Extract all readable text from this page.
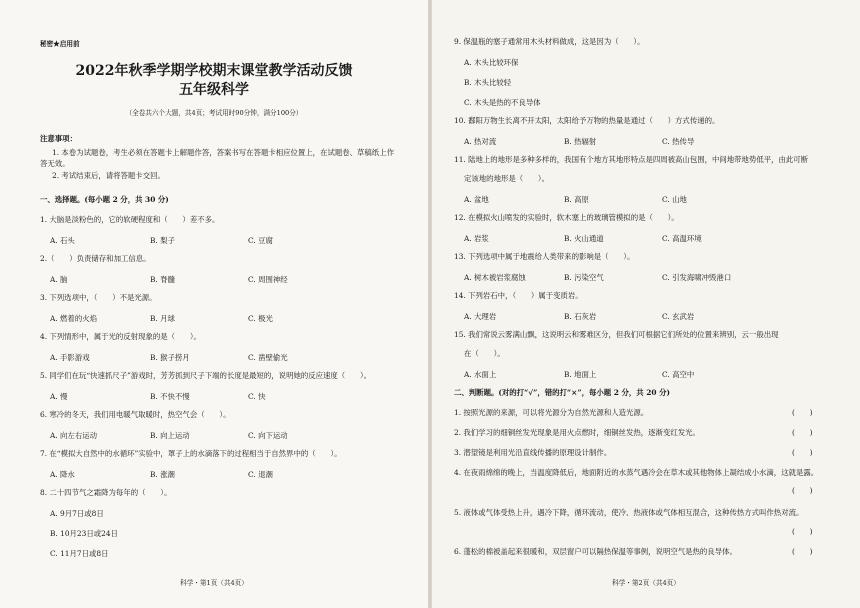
秘密★启用前
2022年秋季学期学校期末课堂教学活动反馈
五年级科学
（全卷共六个大题，共4页；考试用时90分钟，满分100分）
注意事项：
1. 本卷为试题卷，考生必须在答题卡上解题作答，答案书写在答题卡相应位置上，在试题卷、草稿纸上作答无效。
2. 考试结束后，请将答题卡交回。
一、选择题。(每小题 2 分，共 30 分)
1. 大脑是淡粉色的，它的软硬程度和（　　）差不多。
A. 石头	B. 梨子	C. 豆腐
2.（　　）负责储存和加工信息。
A. 脑	B. 脊髓	C. 周围神经
3. 下列选项中，（　　）不是光源。
A. 燃着的火焰	B. 月球	C. 极光
4. 下列情形中，属于光的反射现象的是（　　）。
A. 手影游戏	B. 猴子捞月	C. 凿壁偷光
5. 同学们在玩“快速抓尺子”游戏时，芳芳抓到尺子下端的长度是最短的，说明她的反应速度（　　）。
A. 慢	B. 不快不慢	C. 快
6. 寒冷的冬天，我们用电暖气取暖时，热空气会（　　）。
A. 向左右运动	B. 向上运动	C. 向下运动
7. 在“模拟大自然中的水循环”实验中，罩子上的水滴落下的过程相当于自然界中的（　　）。
A. 降水	B. 涨潮	C. 退潮
8. 二十四节气之霜降为每年的（　　）。
A. 9月7日或8日
B. 10月23日或24日
C. 11月7日或8日
科学・第1页（共4页）
9. 保温瓶的塞子通常用木头材料做成，这是因为（　　）。
A. 木头比较环保
B. 木头比较轻
C. 木头是热的不良导体
10. 鄱阳万物生长离不开太阳，太阳给予万物的热量是通过（　　）方式传递的。
A. 热对流	B. 热辐射	C. 热传导
11. 陆地上的地形是多种多样的，我国有个地方其地形特点是四周被高山包围，中间地带地势低平，由此可断
定该地的地形是（　　）。
A. 盆地	B. 高原	C. 山地
12. 在模拟火山喷发的实验时，软木塞上的玻璃管模拟的是（　　）。
A. 岩浆	B. 火山通道	C. 高温环境
13. 下列选项中属于地震给人类带来的影响是（　　）。
A. 树木被岩浆腐蚀	B. 污染空气	C. 引发海啸冲毁港口
14. 下列岩石中，（　　）属于变质岩。
A. 大理岩	B. 石灰岩	C. 玄武岩
15. 我们常说云雾满山飘，这说明云和雾难区分，但我们可根据它们所处的位置来辨别，云一般出现
在（　　）。
A. 水面上	B. 地面上	C. 高空中
二、判断题。(对的打“√”，错的打“×”，每小题 2 分，共 20 分)
1. 按照光源的来源，可以将光源分为自然光源和人造光源。	(　　)
2. 我们学习的细铜丝发光现象是用火点燃时，细铜丝发热，逐渐变红发光。	(　　)
3. 潜望镜是利用光沿直线传播的原理设计制作。	(　　)
4. 在夜雨绵绵的晚上，当温度降低后，地面附近的水蒸气遇冷会在草木或其他物体上凝结成小水滴，这就是露。
(　　)
5. 液体或气体受热上升，遇冷下降，循环流动，使冷、热液体或气体相互混合，这种传热方式叫作热对流。
(　　)
6. 蓬松的棉被盖起来很暖和，双层窗户可以隔热保温等事例，说明空气是热的良导体。	(　　)
科学・第2页（共4页）
